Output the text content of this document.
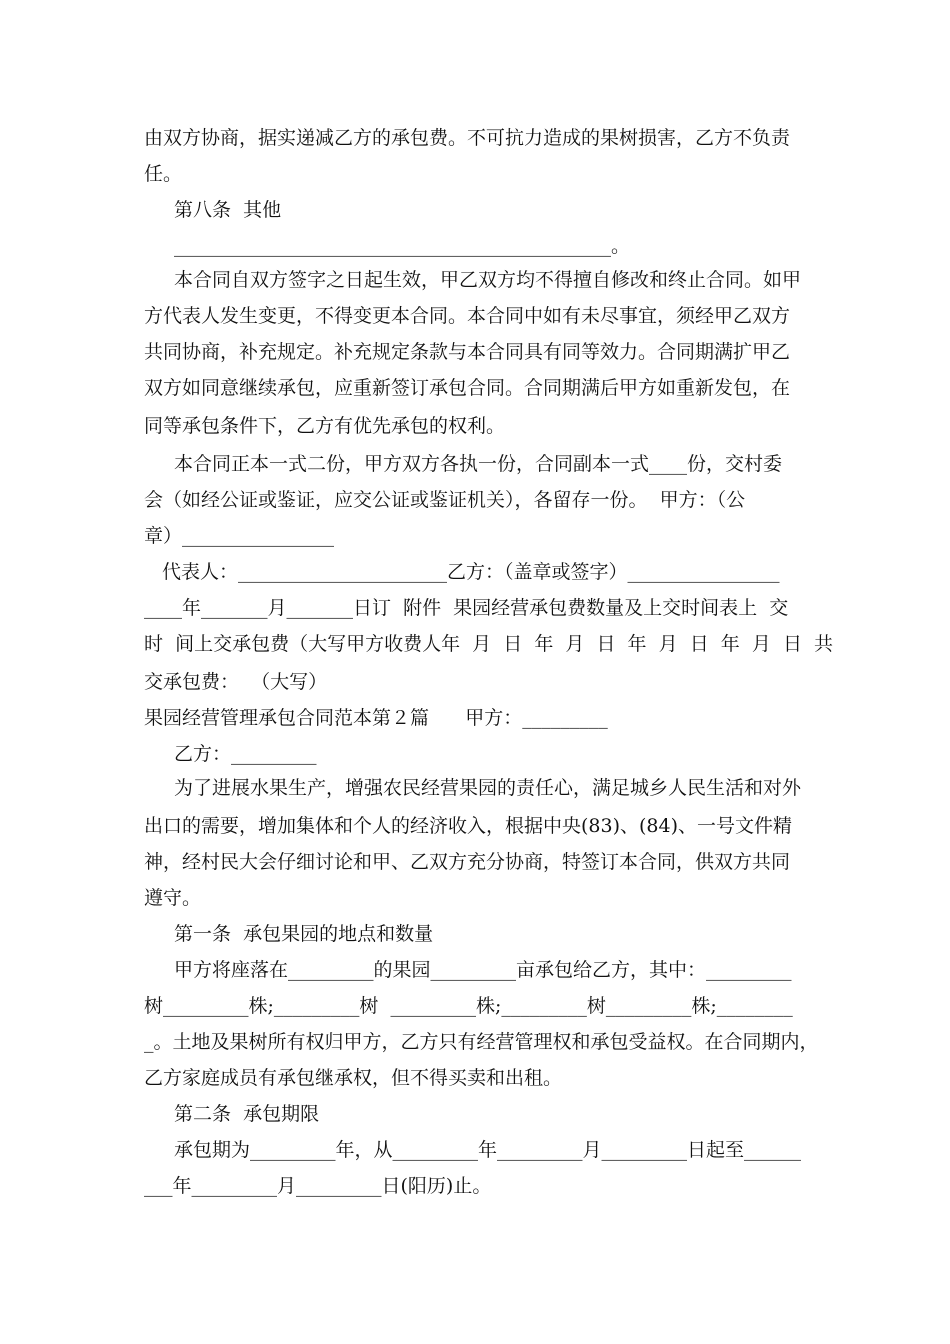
由双方协商，据实递减乙方的承包费。不可抗力造成的果树损害，乙方不负责
任。
第八条  其他
______________________________________________。
本合同自双方签字之日起生效，甲乙双方均不得擅自修改和终止合同。如甲
方代表人发生变更，不得变更本合同。本合同中如有未尽事宜，须经甲乙双方
共同协商，补充规定。补充规定条款与本合同具有同等效力。合同期满扩甲乙
双方如同意继续承包，应重新签订承包合同。合同期满后甲方如重新发包，在
同等承包条件下，乙方有优先承包的权利。
本合同正本一式二份，甲方双方各执一份，合同副本一式____份，交村委
会（如经公证或鉴证，应交公证或鉴证机关），各留存一份。  甲方：（公
章）________________
代表人：______________________乙方：（盖章或签字）________________
____年_______月_______日订  附件  果园经营承包费数量及上交时间表上  交
时  间上交承包费（大写甲方收费人年  月  日  年  月  日  年  月  日  年  月  日  共
交承包费：  （大写）
果园经营管理承包合同范本第２篇      甲方：_________
乙方：_________
为了进展水果生产，增强农民经营果园的责任心，满足城乡人民生活和对外
出口的需要，增加集体和个人的经济收入，根据中央(83)、(84)、一号文件精
神，经村民大会仔细讨论和甲、乙双方充分协商，特签订本合同，供双方共同
遵守。
第一条  承包果园的地点和数量
甲方将座落在_________的果园_________亩承包给乙方，其中：_________
树_________株;_________树  _________株;_________树_________株;________
_。土地及果树所有权归甲方，乙方只有经营管理权和承包受益权。在合同期内，
乙方家庭成员有承包继承权，但不得买卖和出租。
第二条  承包期限
承包期为_________年，从_________年_________月_________日起至______
___年_________月_________日(阳历)止。
